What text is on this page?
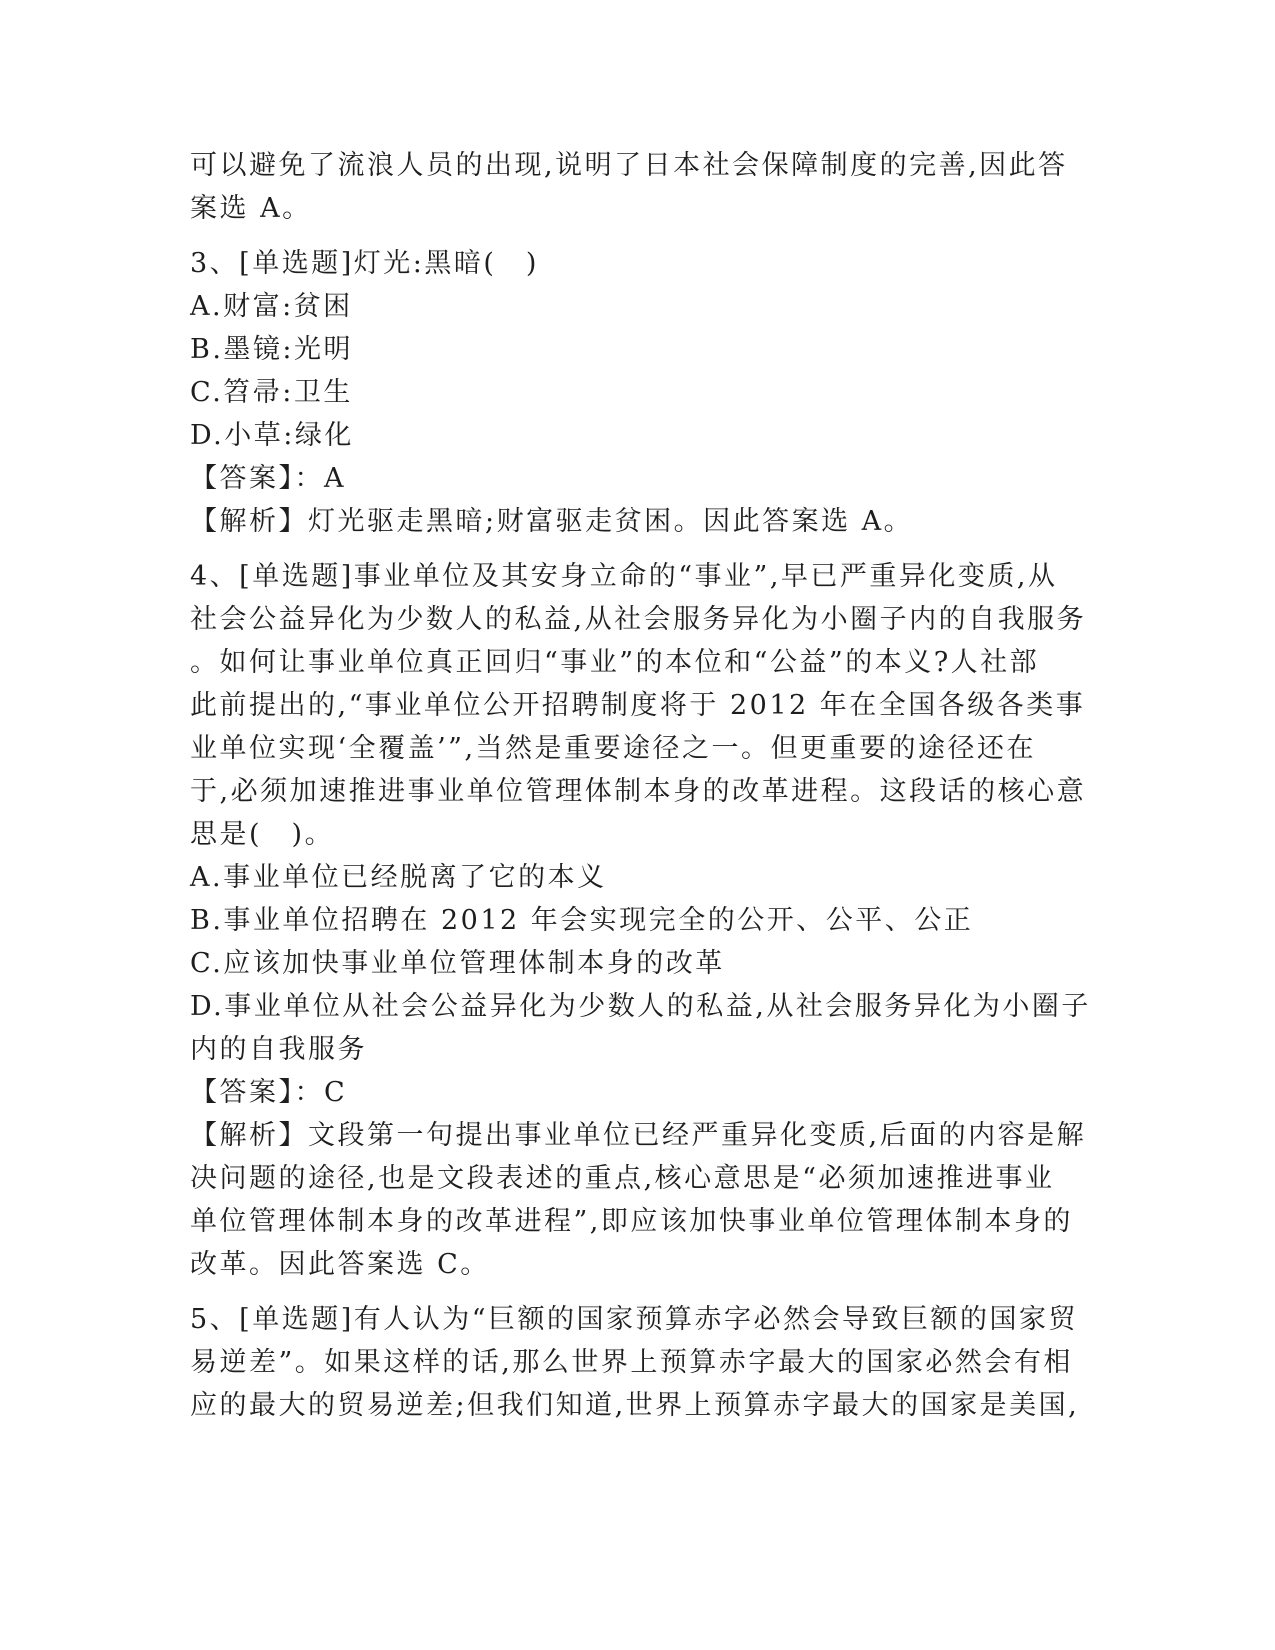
可以避免了流浪人员的出现,说明了日本社会保障制度的完善,因此答
案选 A。
3、[单选题]灯光:黑暗(　)
A.财富:贫困
B.墨镜:光明
C.笤帚:卫生
D.小草:绿化
【答案】：A
【解析】灯光驱走黑暗;财富驱走贫困。因此答案选 A。
4、[单选题]事业单位及其安身立命的“事业”,早已严重异化变质,从
社会公益异化为少数人的私益,从社会服务异化为小圈子内的自我服务
。如何让事业单位真正回归“事业”的本位和“公益”的本义?人社部
此前提出的,“事业单位公开招聘制度将于 2012 年在全国各级各类事
业单位实现‘全覆盖’”,当然是重要途径之一。但更重要的途径还在
于,必须加速推进事业单位管理体制本身的改革进程。这段话的核心意
思是(　)。
A.事业单位已经脱离了它的本义
B.事业单位招聘在 2012 年会实现完全的公开、公平、公正
C.应该加快事业单位管理体制本身的改革
D.事业单位从社会公益异化为少数人的私益,从社会服务异化为小圈子
内的自我服务
【答案】：C
【解析】文段第一句提出事业单位已经严重异化变质,后面的内容是解
决问题的途径,也是文段表述的重点,核心意思是“必须加速推进事业
单位管理体制本身的改革进程”,即应该加快事业单位管理体制本身的
改革。因此答案选 C。
5、[单选题]有人认为“巨额的国家预算赤字必然会导致巨额的国家贸
易逆差”。如果这样的话,那么世界上预算赤字最大的国家必然会有相
应的最大的贸易逆差;但我们知道,世界上预算赤字最大的国家是美国,
